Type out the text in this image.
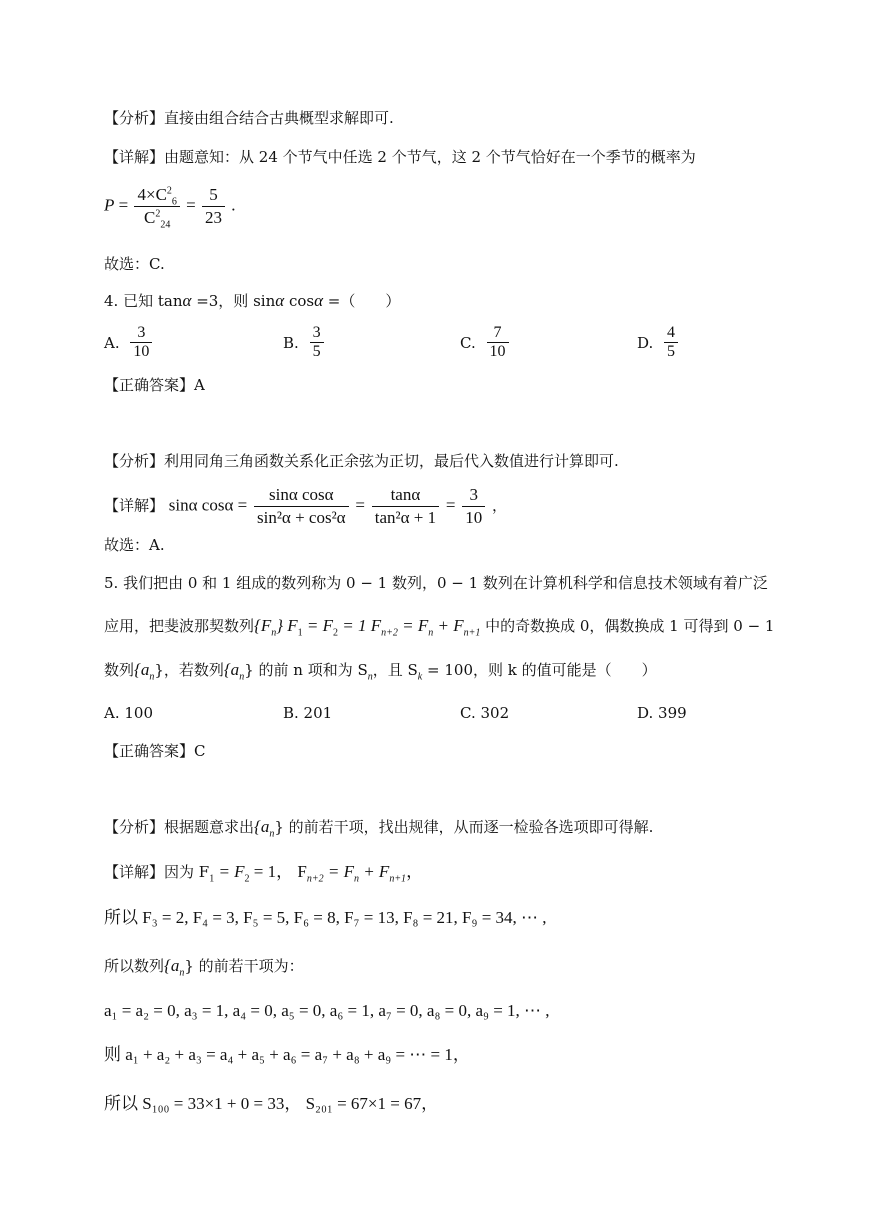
【分析】直接由组合结合古典概型求解即可.
【详解】由题意知：从 24 个节气中任选 2 个节气，这 2 个节气恰好在一个季节的概率为
$P = \frac{4\times C^2_6}{C^2_{24}} = \frac{5}{23}$ .
故选：C.
4. 已知 tanα =3，则 sinα cosα =（　　）
A. $\frac{3}{10}$	B. $\frac{3}{5}$	C. $\frac{7}{10}$	D. $\frac{4}{5}$
【正确答案】A
【分析】利用同角三角函数关系化正余弦为正切，最后代入数值进行计算即可.
【详解】 sinα $\cos\alpha = \frac{\text{sinα cosα}}{\text{sin²α + cos²α}} = \frac{\tan\alpha}{\text{tan²α + 1}} = \frac{3}{10}$ ，
故选：A.
5. 我们把由 0 和 1 组成的数列称为 0 − 1 数列，0 − 1 数列在计算机科学和信息技术领域有着广泛
应用，把斐波那契数列$\{F_n\} F_1 = F_2 = 1$ $F_{n+2} = F_n + F_{n+1}$ 中的奇数换成 0，偶数换成 1 可得到 0 − 1
数列$\{a_n\}$，若数列$\{a_n\}$ 的前 n 项和为 $S_n$，且 $S_k = 100$，则 k 的值可能是（　　）
A. 100	B. 201	C. 302	D. 399
【正确答案】C
【分析】根据题意求出$\{a_n\}$ 的前若干项，找出规律，从而逐一检验各选项即可得解.
【详解】因为 $F_1 = F_2 = 1$， $F_{n+2} = F_n + F_{n+1}$，
所以 F₃ = 2, F₄ = 3, F₅ = 5, F₆ = 8, F₇ = 13, F₈ = 21, F₉ = 34, ⋯ ,
所以数列$\{a_n\}$ 的前若干项为：
a₁ = a₂ = 0, a₃ = 1, a₄ = 0, a₅ = 0, a₆ = 1, a₇ = 0, a₈ = 0, a₉ = 1, ⋯ ,
则 a₁ + a₂ + a₃ = a₄ + a₅ + a₆ = a₇ + a₈ + a₉ = ⋯ = 1，
所以 S₁₀₀ = 33×1 + 0 = 33， S₂₀₁ = 67×1 = 67，
